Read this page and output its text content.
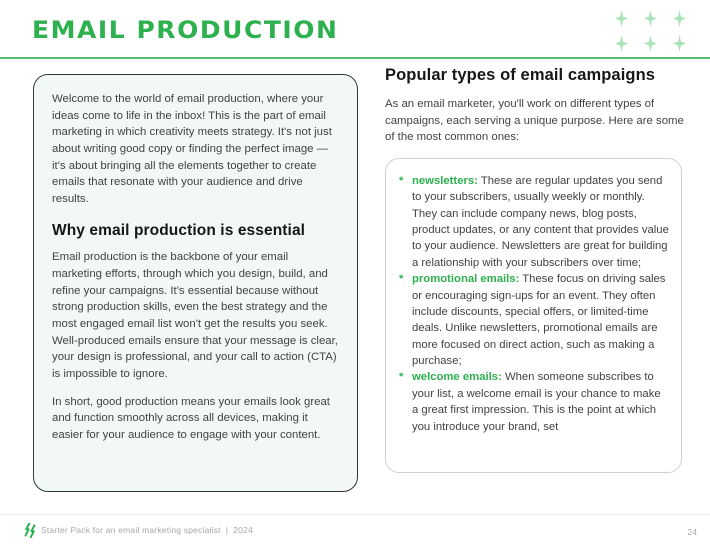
EMAIL PRODUCTION

Welcome to the world of email production, where your ideas come to life in the inbox! This is the part of email marketing in which creativity meets strategy. It's not just about writing good copy or finding the perfect image — it's about bringing all the elements together to create emails that resonate with your audience and drive results.

Why email production is essential

Email production is the backbone of your email marketing efforts, through which you design, build, and refine your campaigns. It's essential because without strong production skills, even the best strategy and the most engaged email list won't get the results you seek. Well-produced emails ensure that your message is clear, your design is professional, and your call to action (CTA) is impossible to ignore.

In short, good production means your emails look great and function smoothly across all devices, making it easier for your audience to engage with your content.

Popular types of email campaigns

As an email marketer, you'll work on different types of campaigns, each serving a unique purpose. Here are some of the most common ones:

* newsletters: These are regular updates you send to your subscribers, usually weekly or monthly. They can include company news, blog posts, product updates, or any content that provides value to your audience. Newsletters are great for building a relationship with your subscribers over time;
* promotional emails: These focus on driving sales or encouraging sign-ups for an event. They often include discounts, special offers, or limited-time deals. Unlike newsletters, promotional emails are more focused on direct action, such as making a purchase;
* welcome emails: When someone subscribes to your list, a welcome email is your chance to make a great first impression. This is the point at which you introduce your brand, set
Starter Pack for an email marketing specialist | 2024	24
